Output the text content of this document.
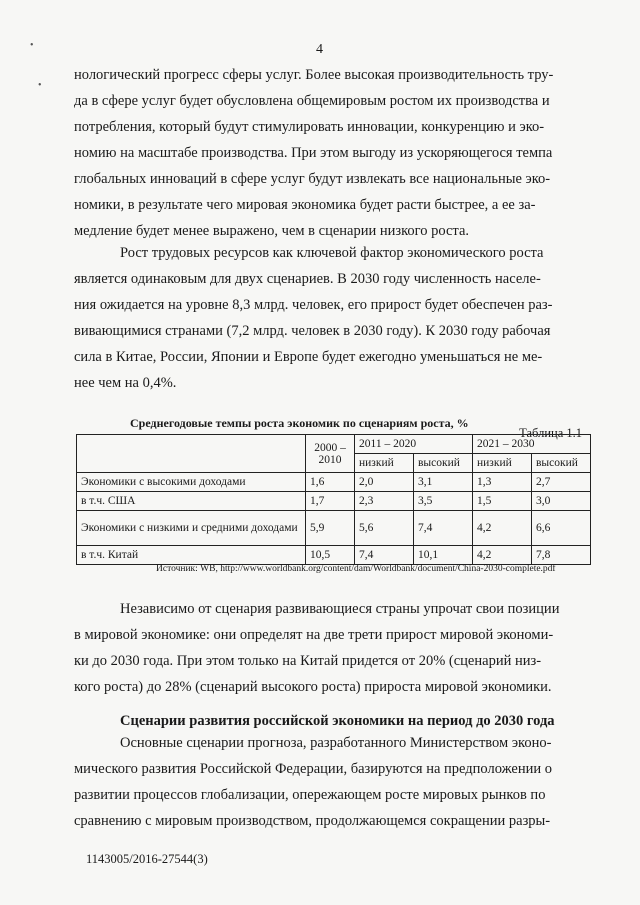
•
•
4
нологический прогресс сферы услуг. Более высокая производительность тру-
да в сфере услуг будет обусловлена общемировым ростом их производства и
потребления, который будут стимулировать инновации, конкуренцию и эко-
номию на масштабе производства. При этом выгоду из ускоряющегося темпа
глобальных инноваций в сфере услуг будут извлекать все национальные эко-
номики, в результате чего мировая экономика будет расти быстрее, а ее за-
медление будет менее выражено, чем в сценарии низкого роста.
Рост трудовых ресурсов как ключевой фактор экономического роста
является одинаковым для двух сценариев. В 2030 году численность населе-
ния ожидается на уровне 8,3 млрд. человек, его прирост будет обеспечен раз-
вивающимися странами (7,2 млрд. человек в 2030 году). К 2030 году рабочая
сила в Китае, России, Японии и Европе будет ежегодно уменьшаться не ме-
нее чем на 0,4%.
Таблица 1.1
Среднегодовые темпы роста экономик по сценариям роста, %
	2000 – 2010	2011 – 2020		2021 – 2030	
		низкий	высокий	низкий	высокий
Экономики с высокими доходами	1,6	2,0	3,1	1,3	2,7
в т.ч. США	1,7	2,3	3,5	1,5	3,0
Экономики с низкими и средними доходами	5,9	5,6	7,4	4,2	6,6
в т.ч. Китай	10,5	7,4	10,1	4,2	7,8
Источник: WB, http://www.worldbank.org/content/dam/Worldbank/document/China-2030-complete.pdf
Независимо от сценария развивающиеся страны упрочат свои позиции
в мировой экономике: они определят на две трети прирост мировой экономи-
ки до 2030 года. При этом только на Китай придется от 20% (сценарий низ-
кого роста) до 28% (сценарий высокого роста) прироста мировой экономики.
Сценарии развития российской экономики на период до 2030 года
Основные сценарии прогноза, разработанного Министерством эконо-
мического развития Российской Федерации, базируются на предположении о
развитии процессов глобализации, опережающем росте мировых рынков по
сравнению с мировым производством, продолжающемся сокращении разры-
1143005/2016-27544(3)
